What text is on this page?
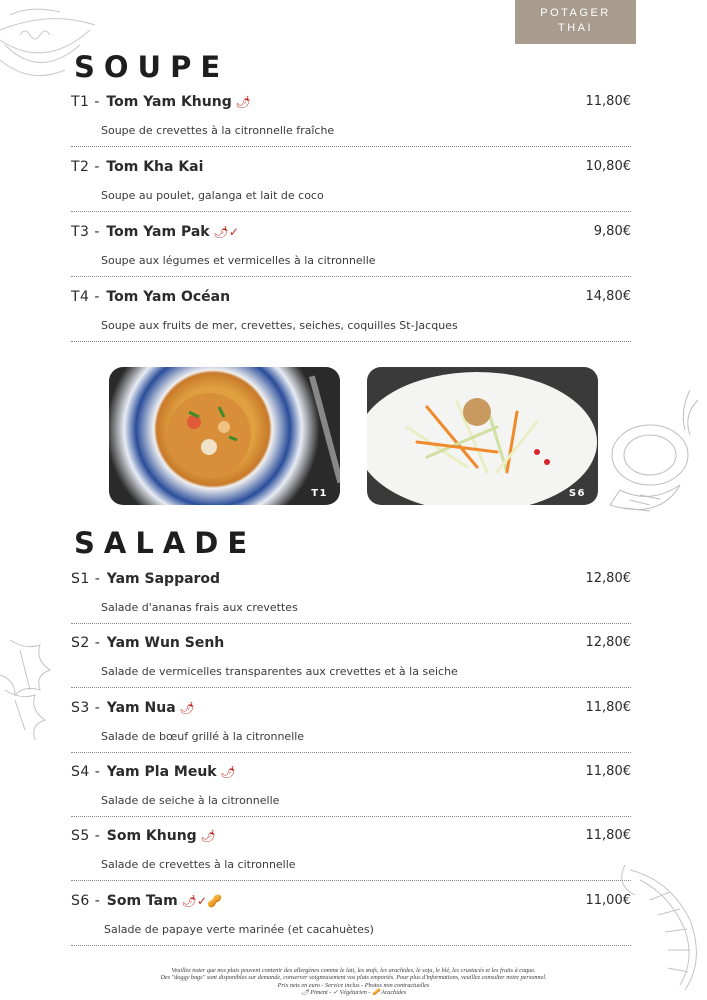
POTAGER
THAI
SOUPE
T1 - Tom Yam Khung 🌶	11,80€
Soupe de crevettes à la citronnelle fraîche
T2 - Tom Kha Kai	10,80€
Soupe au poulet, galanga et lait de coco
T3 - Tom Yam Pak 🌶✓	9,80€
Soupe aux légumes et vermicelles à la citronnelle
T4 - Tom Yam Océan	14,80€
Soupe aux fruits de mer, crevettes, seiches, coquilles St-Jacques
T1	S6
SALADE
S1 - Yam Sapparod	12,80€
Salade d'ananas frais aux crevettes
S2 - Yam Wun Senh	12,80€
Salade de vermicelles transparentes aux crevettes et à la seiche
S3 - Yam Nua 🌶	11,80€
Salade de bœuf grillé à la citronnelle
S4 - Yam Pla Meuk 🌶	11,80€
Salade de seiche à la citronnelle
S5 - Som Khung 🌶	11,80€
Salade de crevettes à la citronnelle
S6 - Som Tam 🌶✓🥜	11,00€
Salade de papaye verte marinée (et cacahuètes)
Veuillez noter que nos plats peuvent contenir des allergènes comme le lait, les œufs, les arachides, le soja, le blé, les crustacés et les fruits à coque.
Des "doggy bags" sont disponibles sur demande, conserver soigneusement vos plats emportés. Pour plus d'informations, veuillez consulter notre personnel.
Prix nets en euro - Service inclus - Photos non contractuelles
🌶 Piment - ✓ Végétarien - 🥜 Arachides
